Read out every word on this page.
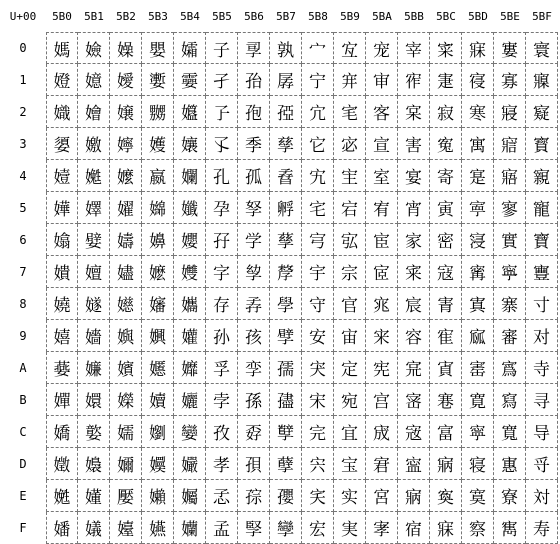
U+00	5B0	5B1	5B2	5B3	5B4	5B5	5B6	5B7	5B8	5B9	5BA	5BB	5BC	5BD	5BE	5BF
0	媽 嬐 嬠 嬰 孀 子 孠 孰 宀 宐 宠 宰 寀 寐 寠 寰
1	嬁 嬑 嬡 嬱 孁 孑 孡 孱 宁 宑 审 宱 寁 寑 寡 寱
2	嬂 嬒 嬢 嬲 孂 孒 孢 孲 宂 宒 客 宲 寂 寒 寢 寲
3	嬃 嬓 嬣 嬳 孃 孓 季 孳 它 宓 宣 害 寃 寓 寣 寳
4	嬄 嬔 嬤 嬴 孄 孔 孤 孴 宄 宔 室 宴 寄 寔 寤 寴
5	嬅 嬕 嬥 嬵 孅 孕 孥 孵 宅 宕 宥 宵 寅 寕 寥 寵
6	嬆 嬖 嬦 嬶 孆 孖 学 孶 宆 宖 宦 家 密 寖 實 寶
7	嬇 嬗 嬧 嬷 孇 字 孧 孷 宇 宗 宧 宷 寇 寗 寧 寷
8	嬈 嬘 嬨 嬸 孈 存 孨 學 守 官 宨 宸 寈 寘 寨 寸
9	嬉 嬙 嬩 嬹 孉 孙 孩 孹 安 宙 宩 容 寉 寙 審 对
A	嬊 嬚 嬪 嬺 孊 孚 孪 孺 宊 定 宪 宺 寊 寚 寪 寺
B	嬋 嬛 嬫 嬻 孋 孛 孫 孻 宋 宛 宫 宻 寋 寛 寫 寻
C	嬌 嬜 嬬 嬼 孌 孜 孬 孼 完 宜 宬 宼 富 寜 寬 导
D	嬍 嬝 嬭 嬽 孍 孝 孭 孽 宍 宝 宭 寍 寎 寝 寭 寽
E	嬎 嬞 嬮 嬾 孎 孞 孮 孾 宎 实 宮 寎 寏 寞 寮 対
F	嬏 嬟 嬯 嬿 孏 孟 孯 孿 宏 実 宯 宿 寐 察 寯 寿
